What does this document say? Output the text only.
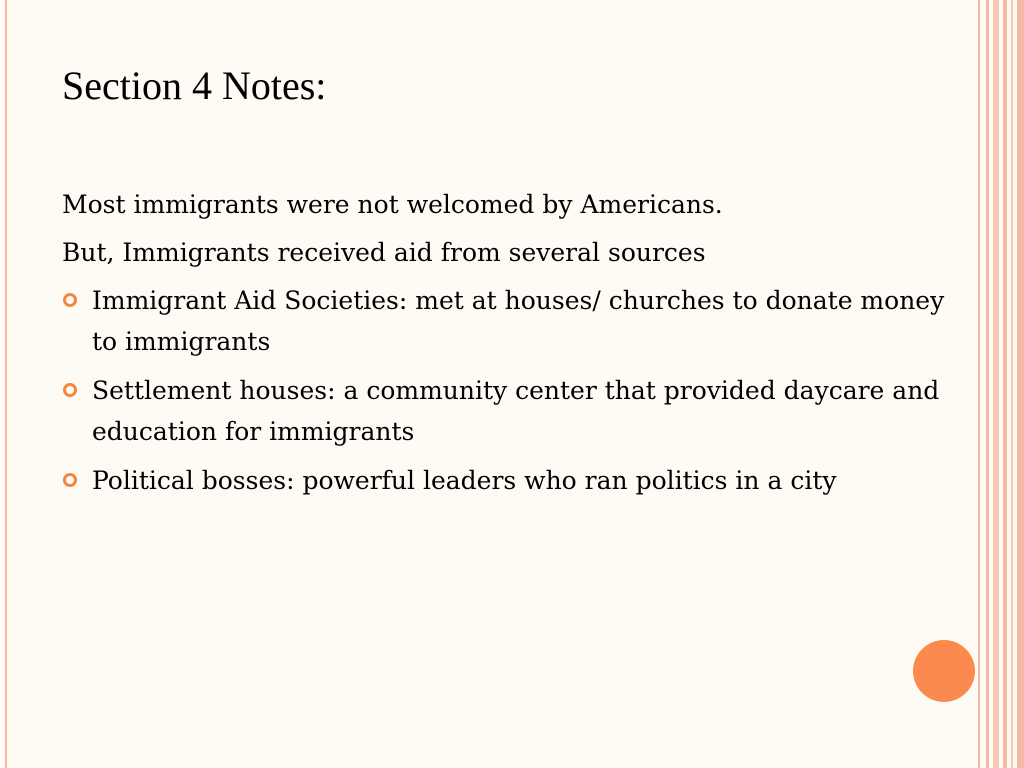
Section 4 Notes:

Most immigrants were not welcomed by Americans.

But, Immigrants received aid from several sources

Immigrant Aid Societies: met at houses/ churches to donate money to immigrants
Settlement houses: a community center that provided daycare and education for immigrants
Political bosses: powerful leaders who ran politics in a city
